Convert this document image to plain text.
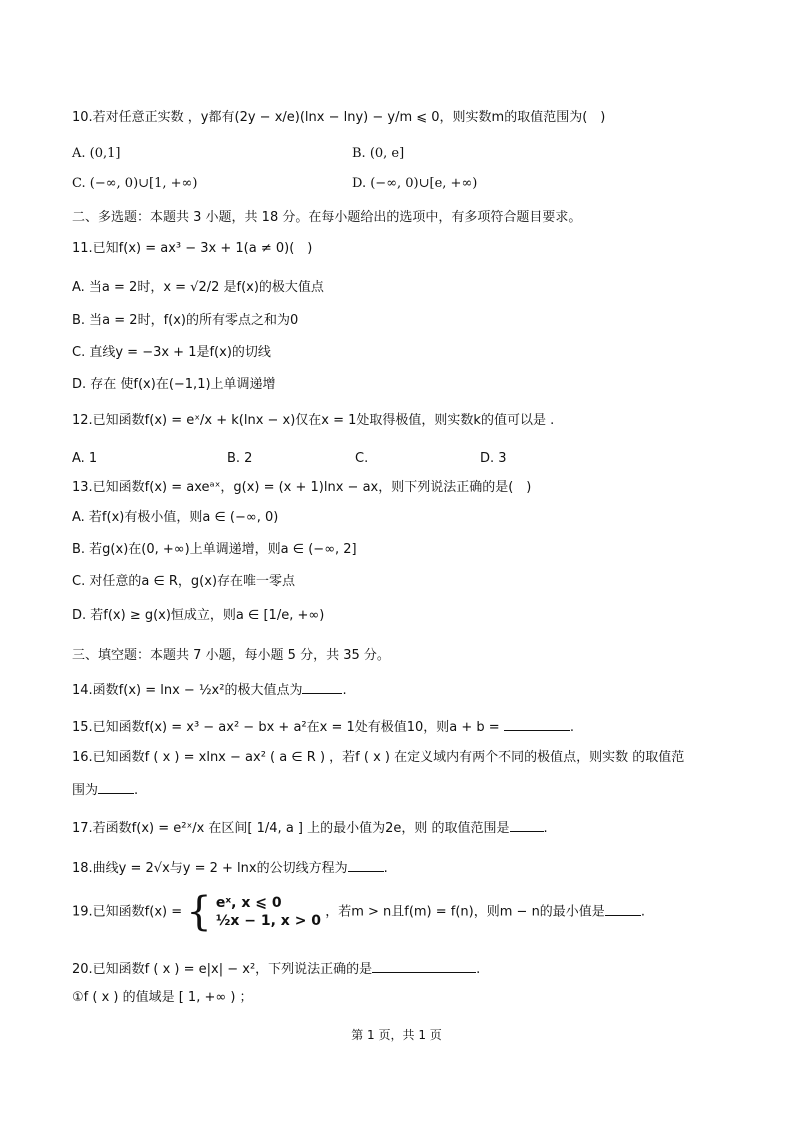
10.若对任意正实数 ，y都有(2y − x/e)(lnx − lny) − y/m ⩽ 0，则实数m的取值范围为(　)
A. (0,1]	B. (0, e]
C. (−∞, 0)∪[1, +∞)	D. (−∞, 0)∪[e, +∞)
二、多选题：本题共 3 小题，共 18 分。在每小题给出的选项中，有多项符合题目要求。
11.已知f(x) = ax³ − 3x + 1(a ≠ 0)(　)
A. 当a = 2时，x = √2/2 是f(x)的极大值点
B. 当a = 2时，f(x)的所有零点之和为0
C. 直线y = −3x + 1是f(x)的切线
D. 存在 使f(x)在(−1,1)上单调递增
12.已知函数f(x) = eˣ/x + k(lnx − x)仅在x = 1处取得极值，则实数k的值可以是 .
A. 1	B. 2	C.	D. 3
13.已知函数f(x) = axeᵃˣ，g(x) = (x + 1)lnx − ax，则下列说法正确的是(　)
A. 若f(x)有极小值，则a ∈ (−∞, 0)
B. 若g(x)在(0, +∞)上单调递增，则a ∈ (−∞, 2]
C. 对任意的a ∈ R，g(x)存在唯一零点
D. 若f(x) ≥ g(x)恒成立，则a ∈ [1/e, +∞)
三、填空题：本题共 7 小题，每小题 5 分，共 35 分。
14.函数f(x) = lnx − ½x²的极大值点为	.
15.已知函数f(x) = x³ − ax² − bx + a²在x = 1处有极值10，则a + b =	.
16.已知函数f ( x ) = xlnx − ax² ( a ∈ R ) ，若f ( x ) 在定义域内有两个不同的极值点，则实数 的取值范
围为	.
17.若函数f(x) = e²ˣ/x 在区间[ 1/4, a ] 上的最小值为2e，则 的取值范围是	.
18.曲线y = 2√x与y = 2 + lnx的公切线方程为	.
19.已知函数f(x) = { eˣ, x ⩽ 0
½x − 1, x > 0
，若m > n且f(m) = f(n)，则m − n的最小值是	.
20.已知函数f ( x ) = e|x| − x²，下列说法正确的是	.
①f ( x ) 的值域是 [ 1, +∞ ) ；
第 1 页，共 1 页
